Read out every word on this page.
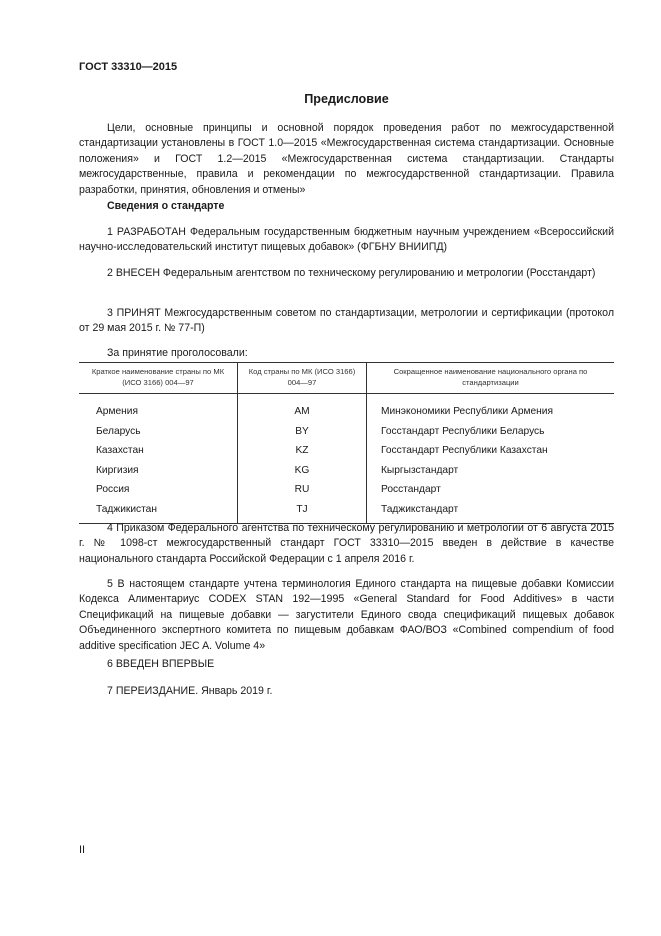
ГОСТ 33310—2015
Предисловие

Цели, основные принципы и основной порядок проведения работ по межгосударственной стандартизации установлены в ГОСТ 1.0—2015 «Межгосударственная система стандартизации. Основные положения» и ГОСТ 1.2—2015 «Межгосударственная система стандартизации. Стандарты межгосударственные, правила и рекомендации по межгосударственной стандартизации. Правила разработки, принятия, обновления и отмены»

Сведения о стандарте

1 РАЗРАБОТАН Федеральным государственным бюджетным научным учреждением «Всероссийский научно-исследовательский институт пищевых добавок» (ФГБНУ ВНИИПД)

2 ВНЕСЕН Федеральным агентством по техническому регулированию и метрологии (Росстандарт)

3 ПРИНЯТ Межгосударственным советом по стандартизации, метрологии и сертификации (протокол от 29 мая 2015 г. № 77-П)

За принятие проголосовали:

Краткое наименование страны по МК (ИСО 3166) 004—97	Код страны по МК (ИСО 3166) 004—97	Сокращенное наименование национального органа по стандартизации
Армения	AM	Минэкономики Республики Армения
Беларусь	BY	Госстандарт Республики Беларусь
Казахстан	KZ	Госстандарт Республики Казахстан
Киргизия	KG	Кыргызстандарт
Россия	RU	Росстандарт
Таджикистан	TJ	Таджикстандарт

4 Приказом Федерального агентства по техническому регулированию и метрологии от 6 августа 2015 г. № 1098-ст межгосударственный стандарт ГОСТ 33310—2015 введен в действие в качестве национального стандарта Российской Федерации с 1 апреля 2016 г.

5 В настоящем стандарте учтена терминология Единого стандарта на пищевые добавки Комиссии Кодекса Алиментариус CODEX STAN 192—1995 «General Standard for Food Additives» в части Спецификаций на пищевые добавки — загустители Единого свода спецификаций пищевых добавок Объединенного экспертного комитета по пищевым добавкам ФАО/ВОЗ «Combined compendium of food additive specification JEC A. Volume 4»

6 ВВЕДЕН ВПЕРВЫЕ

7 ПЕРЕИЗДАНИЕ. Январь 2019 г.

II
